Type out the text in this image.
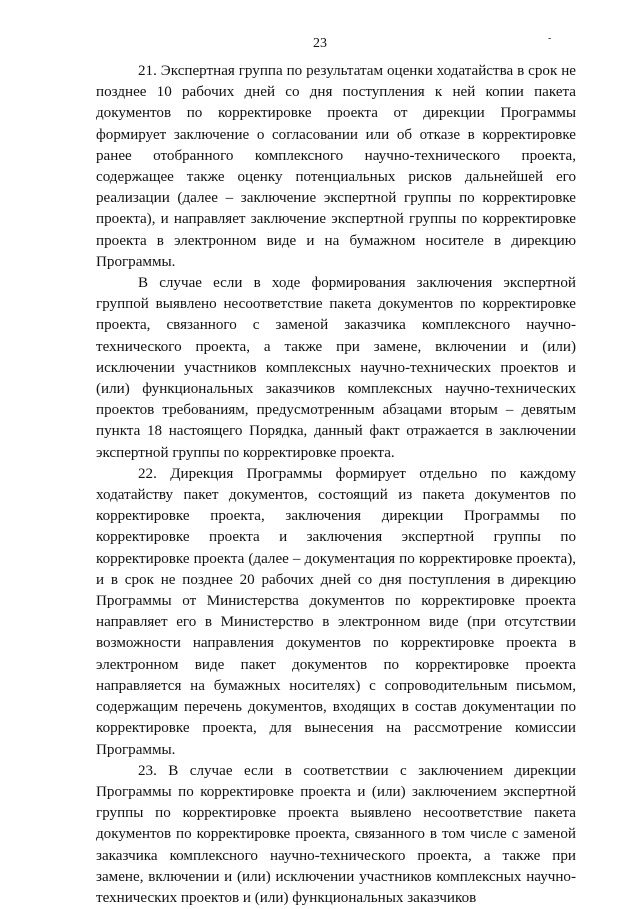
23	-

21. Экспертная группа по результатам оценки ходатайства в срок не позднее 10 рабочих дней со дня поступления к ней копии пакета документов по корректировке проекта от дирекции Программы формирует заключение о согласовании или об отказе в корректировке ранее отобранного комплексного научно-технического проекта, содержащее также оценку потенциальных рисков дальнейшей его реализации (далее – заключение экспертной группы по корректировке проекта), и направляет заключение экспертной группы по корректировке проекта в электронном виде и на бумажном носителе в дирекцию Программы.

В случае если в ходе формирования заключения экспертной группой выявлено несоответствие пакета документов по корректировке проекта, связанного с заменой заказчика комплексного научно-технического проекта, а также при замене, включении и (или) исключении участников комплексных научно-технических проектов и (или) функциональных заказчиков комплексных научно-технических проектов требованиям, предусмотренным абзацами вторым – девятым пункта 18 настоящего Порядка, данный факт отражается в заключении экспертной группы по корректировке проекта.

22. Дирекция Программы формирует отдельно по каждому ходатайству пакет документов, состоящий из пакета документов по корректировке проекта, заключения дирекции Программы по корректировке проекта и заключения экспертной группы по корректировке проекта (далее – документация по корректировке проекта), и в срок не позднее 20 рабочих дней со дня поступления в дирекцию Программы от Министерства документов по корректировке проекта направляет его в Министерство в электронном виде (при отсутствии возможности направления документов по корректировке проекта в электронном виде пакет документов по корректировке проекта направляется на бумажных носителях) с сопроводительным письмом, содержащим перечень документов, входящих в состав документации по корректировке проекта, для вынесения на рассмотрение комиссии Программы.

23. В случае если в соответствии с заключением дирекции Программы по корректировке проекта и (или) заключением экспертной группы по корректировке проекта выявлено несоответствие пакета документов по корректировке проекта, связанного в том числе с заменой заказчика комплексного научно-технического проекта, а также при замене, включении и (или) исключении участников комплексных научно-технических проектов и (или) функциональных заказчиков
